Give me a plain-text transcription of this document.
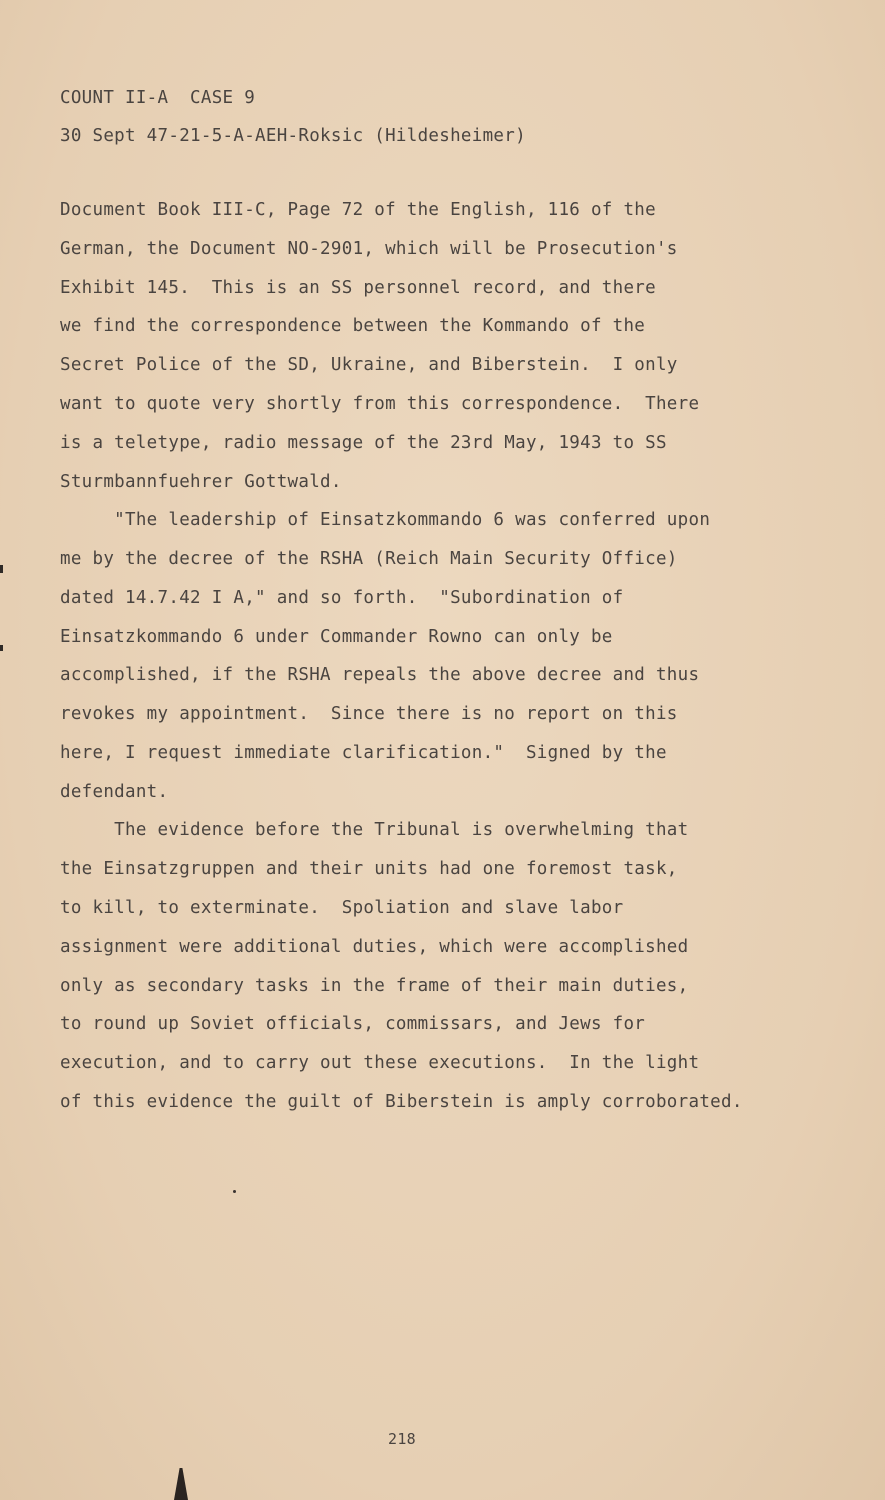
COUNT II-A  CASE 9

30 Sept 47-21-5-A-AEH-Roksic (Hildesheimer)

Document Book III-C, Page 72 of the English, 116 of the

German, the Document NO-2901, which will be Prosecution's

Exhibit 145.  This is an SS personnel record, and there

we find the correspondence between the Kommando of the

Secret Police of the SD, Ukraine, and Biberstein.  I only

want to quote very shortly from this correspondence.  There

is a teletype, radio message of the 23rd May, 1943 to SS

Sturmbannfuehrer Gottwald.

"The leadership of Einsatzkommando 6 was conferred upon

me by the decree of the RSHA (Reich Main Security Office)

dated 14.7.42 I A," and so forth.  "Subordination of

Einsatzkommando 6 under Commander Rowno can only be

accomplished, if the RSHA repeals the above decree and thus

revokes my appointment.  Since there is no report on this

here, I request immediate clarification."  Signed by the

defendant.

The evidence before the Tribunal is overwhelming that

the Einsatzgruppen and their units had one foremost task,

to kill, to exterminate.  Spoliation and slave labor

assignment were additional duties, which were accomplished

only as secondary tasks in the frame of their main duties,

to round up Soviet officials, commissars, and Jews for

execution, and to carry out these executions.  In the light

of this evidence the guilt of Biberstein is amply corroborated.

218
